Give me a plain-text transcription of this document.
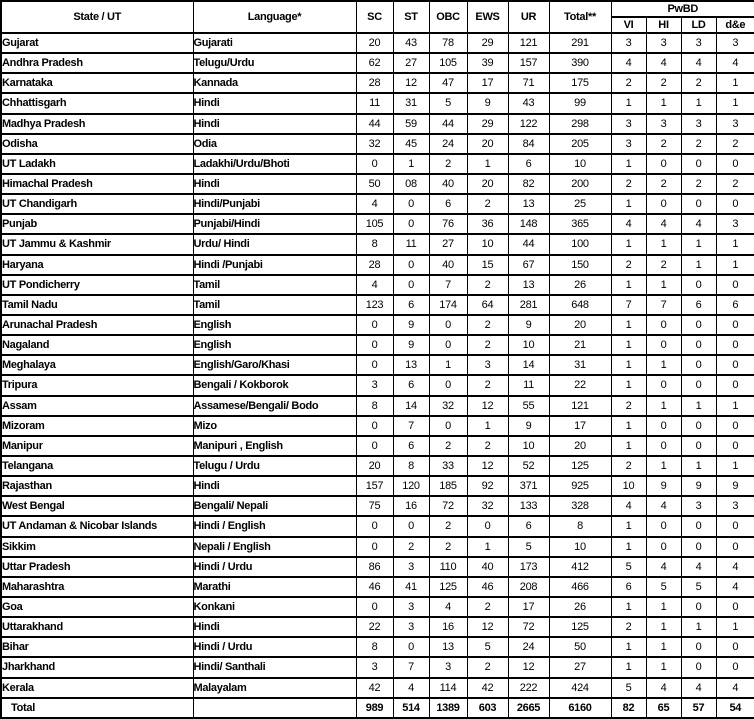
State / UT	Language*	SC	ST	OBC	EWS	UR	Total**	PwBD			
								VI	HI	LD	d&e
Gujarat	Gujarati	20	43	78	29	121	291	3	3	3	3
Andhra Pradesh	Telugu/Urdu	62	27	105	39	157	390	4	4	4	4
Karnataka	Kannada	28	12	47	17	71	175	2	2	2	1
Chhattisgarh	Hindi	11	31	5	9	43	99	1	1	1	1
Madhya Pradesh	Hindi	44	59	44	29	122	298	3	3	3	3
Odisha	Odia	32	45	24	20	84	205	3	2	2	2
UT Ladakh	Ladakhi/Urdu/Bhoti	0	1	2	1	6	10	1	0	0	0
Himachal Pradesh	Hindi	50	08	40	20	82	200	2	2	2	2
UT Chandigarh	Hindi/Punjabi	4	0	6	2	13	25	1	0	0	0
Punjab	Punjabi/Hindi	105	0	76	36	148	365	4	4	4	3
UT Jammu & Kashmir	Urdu/ Hindi	8	11	27	10	44	100	1	1	1	1
Haryana	Hindi /Punjabi	28	0	40	15	67	150	2	2	1	1
UT Pondicherry	Tamil	4	0	7	2	13	26	1	1	0	0
Tamil Nadu	Tamil	123	6	174	64	281	648	7	7	6	6
Arunachal Pradesh	English	0	9	0	2	9	20	1	0	0	0
Nagaland	English	0	9	0	2	10	21	1	0	0	0
Meghalaya	English/Garo/Khasi	0	13	1	3	14	31	1	1	0	0
Tripura	Bengali / Kokborok	3	6	0	2	11	22	1	0	0	0
Assam	Assamese/Bengali/ Bodo	8	14	32	12	55	121	2	1	1	1
Mizoram	Mizo	0	7	0	1	9	17	1	0	0	0
Manipur	Manipuri , English	0	6	2	2	10	20	1	0	0	0
Telangana	Telugu / Urdu	20	8	33	12	52	125	2	1	1	1
Rajasthan	Hindi	157	120	185	92	371	925	10	9	9	9
West Bengal	Bengali/ Nepali	75	16	72	32	133	328	4	4	3	3
UT Andaman & Nicobar Islands	Hindi / English	0	0	2	0	6	8	1	0	0	0
Sikkim	Nepali / English	0	2	2	1	5	10	1	0	0	0
Uttar Pradesh	Hindi / Urdu	86	3	110	40	173	412	5	4	4	4
Maharashtra	Marathi	46	41	125	46	208	466	6	5	5	4
Goa	Konkani	0	3	4	2	17	26	1	1	0	0
Uttarakhand	Hindi	22	3	16	12	72	125	2	1	1	1
Bihar	Hindi / Urdu	8	0	13	5	24	50	1	1	0	0
Jharkhand	Hindi/ Santhali	3	7	3	2	12	27	1	1	0	0
Kerala	Malayalam	42	4	114	42	222	424	5	4	4	4
Total		989	514	1389	603	2665	6160	82	65	57	54
